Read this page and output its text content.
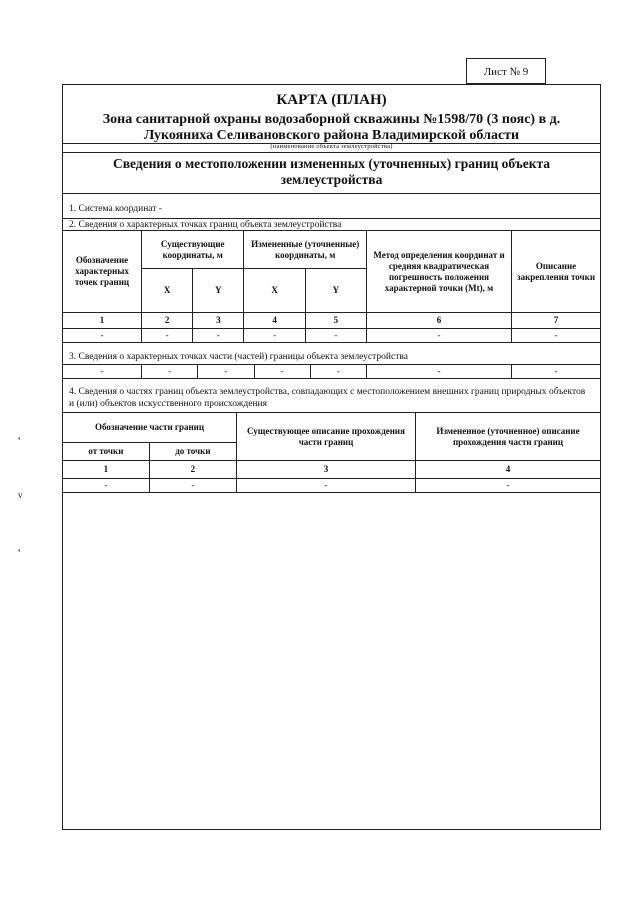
Лист № 9
КАРТА (ПЛАН)
Зона санитарной охраны водозаборной скважины №1598/70 (3 пояс) в д.
Лукояниха Селивановского района Владимирской области
(наименование объекта землеустройства)
Сведения о местоположении измененных (уточненных) границ объекта землеустройства
1. Система координат -
2. Сведения о характерных точках границ объекта землеустройства
Обозначение характерных точек границ	Существующие координаты, м		Измененные (уточненные) координаты, м		Метод определения координат и средняя квадратическая погрешность положения характерной точки (Mt), м	Описание закрепления точки
	X	Y	X	Y		
1	2	3	4	5	6	7
-	-	-	-	-	-	-
3. Сведения о характерных точках части (частей) границы объекта землеустройства
-	-	-	-	-	-	-
4. Сведения о частях границ объекта землеустройства, совпадающих с местоположением внешних границ природных объектов и (или) объектов искусственного происхождения
Обозначение части границ		Существующее описание прохождения части границ	Измененное (уточненное) описание прохождения части границ
от точки	до точки		
1	2	3	4
-	-	-	-
ᵃ
v
ᵃ
